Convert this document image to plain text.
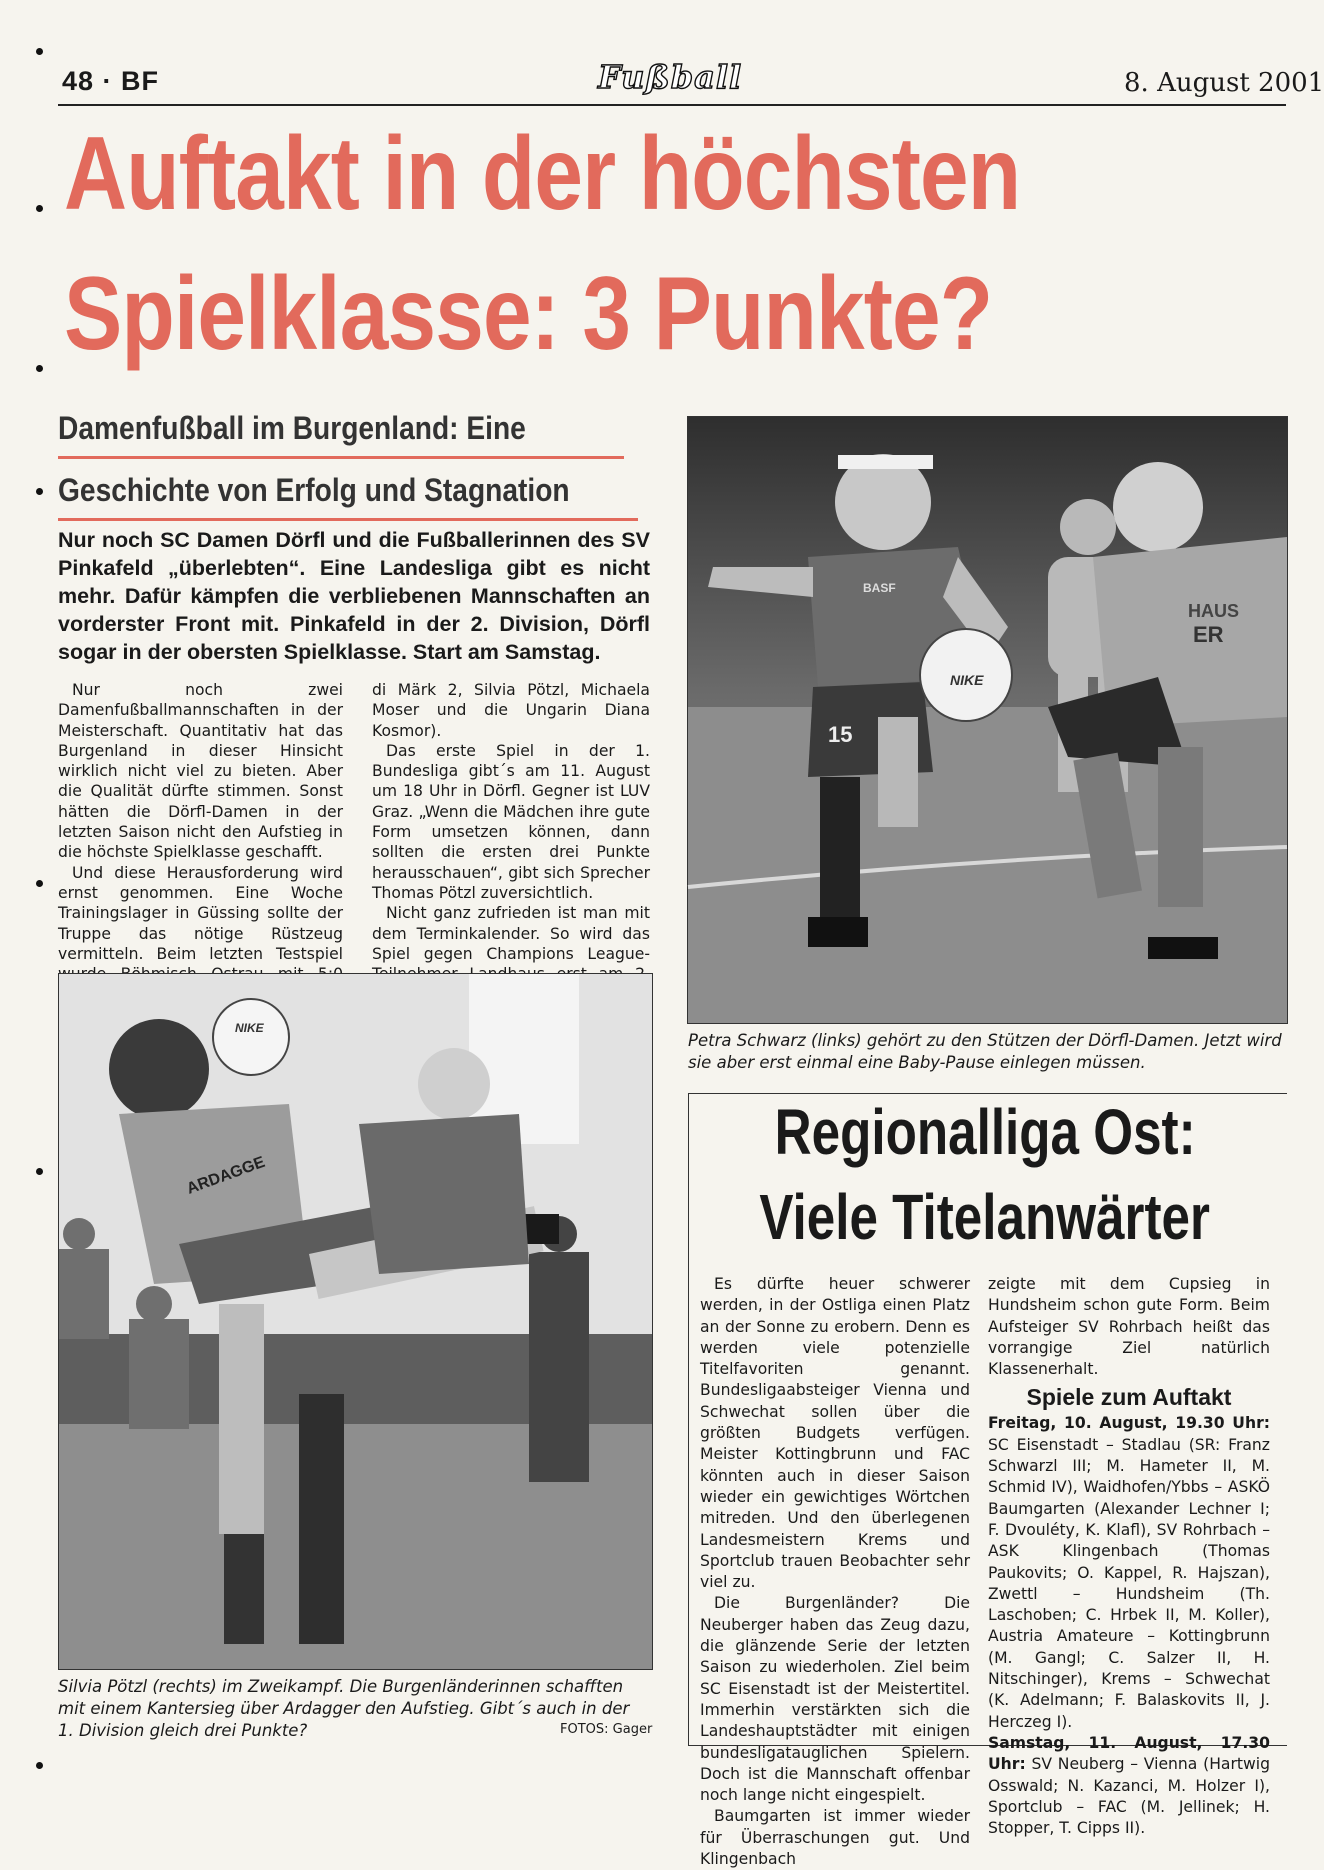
48 · BF	Fußball	8. August 2001
Auftakt in der höchsten
Spielklasse: 3 Punkte?
Damenfußball im Burgenland: Eine
Geschichte von Erfolg und Stagnation
Nur noch SC Damen Dörfl und die Fußballerinnen des SV Pinkafeld „überlebten“. Eine Landesliga gibt es nicht mehr. Dafür kämpfen die verbliebenen Mannschaften an vorderster Front mit. Pinkafeld in der 2. Division, Dörfl sogar in der obersten Spielklasse. Start am Samstag.

Nur noch zwei Damenfußballmannschaften in der Meisterschaft. Quantitativ hat das Burgenland in dieser Hinsicht wirklich nicht viel zu bieten. Aber die Qualität dürfte stimmen. Sonst hätten die Dörfl-Damen in der letzten Saison nicht den Aufstieg in die höchste Spielklasse geschafft.

Und diese Herausforderung wird ernst genommen. Eine Woche Trainingslager in Güssing sollte der Truppe das nötige Rüstzeug vermitteln. Beim letzten Testspiel

di Märk 2, Silvia Pötzl, Michaela Moser und die Ungarin Diana Kosmor).

Das erste Spiel in der 1. Bundesliga gibt´s am 11. August um 18 Uhr in Dörfl. Gegner ist LUV Graz. „Wenn die Mädchen ihre gute Form umsetzen können, dann sollten die ersten drei Punkte herausschauen“, gibt sich Sprecher Thomas Pötzl zuversichtlich.

Nicht ganz zufrieden ist man mit dem Terminkalender. So wird das Spiel gegen Champions League-

15
BASF
NIKE
HAUS
ER
Petra Schwarz (links) gehört zu den Stützen der Dörfl-Damen. Jetzt wird sie aber erst einmal eine Baby-Pause einlegen müssen.
ARDAGGE
NIKE
Silvia Pötzl (rechts) im Zweikampf. Die Burgenländerinnen schafften mit einem Kantersieg über Ardagger den Aufstieg. Gibt´s auch in der 1. Division gleich drei Punkte?	FOTOS: Gager
Regionalliga Ost:
Viele Titelanwärter

Es dürfte heuer schwerer werden, in der Ostliga einen Platz an der Sonne zu erobern. Denn es werden viele potenzielle Titelfavoriten genannt. Bundesligaabsteiger Vienna und Schwechat sollen über die größten Budgets verfügen. Meister Kottingbrunn und FAC könnten auch in dieser Saison wieder ein gewichtiges Wörtchen mitreden. Und den überlegenen Landesmeistern Krems und Sportclub trauen Beobachter sehr viel zu.

Die Burgenländer? Die Neuberger haben das Zeug dazu, die glänzende Serie der letzten Saison zu wiederholen. Ziel beim SC Eisenstadt ist der Meistertitel. Immerhin verstärkten sich die Landeshauptstädter mit einigen bundesligatauglichen Spielern. Doch ist die Mannschaft offenbar noch lange nicht eingespielt.

Baumgarten ist immer wieder für Überraschungen gut. Und Klingenbach

zeigte mit dem Cupsieg in Hundsheim schon gute Form. Beim Aufsteiger SV Rohrbach heißt das vorrangige Ziel natürlich Klassenerhalt.

Spiele zum Auftakt

Freitag, 10. August, 19.30 Uhr: SC Eisenstadt – Stadlau (SR: Franz Schwarzl III; M. Hameter II, M. Schmid IV), Waidhofen/Ybbs – ASKÖ Baumgarten (Alexander Lechner I; F. Dvouléty, K. Klafl), SV Rohrbach – ASK Klingenbach (Thomas Paukovits; O. Kappel, R. Hajszan), Zwettl – Hundsheim (Th. Laschoben; C. Hrbek II, M. Koller), Austria Amateure – Kottingbrunn (M. Gangl; C. Salzer II, H. Nitschinger), Krems – Schwechat (K. Adelmann; F. Balaskovits II, J. Herczeg I).

Samstag, 11. August, 17.30 Uhr: SV Neuberg – Vienna (Hartwig Osswald; N. Kazanci, M. Holzer I), Sportclub – FAC (M. Jellinek; H. Stopper, T. Cipps II).
